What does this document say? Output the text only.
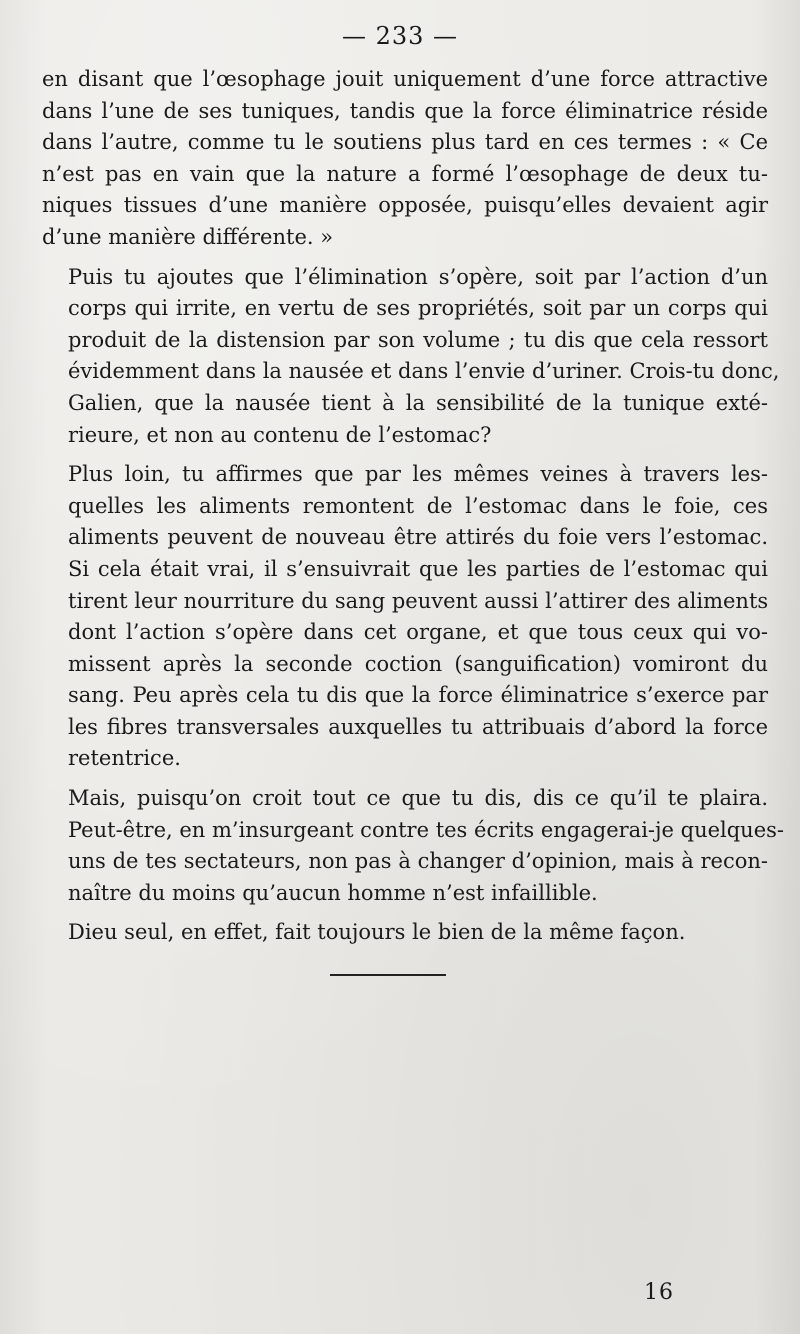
— 233 —
en disant que l’œsophage jouit uniquement d’une force attractive
dans l’une de ses tuniques, tandis que la force éliminatrice réside
dans l’autre, comme tu le soutiens plus tard en ces termes : « Ce
n’est pas en vain que la nature a formé l’œsophage de deux tu-
niques tissues d’une manière opposée, puisqu’elles devaient agir
d’une manière différente. »
Puis tu ajoutes que l’élimination s’opère, soit par l’action d’un
corps qui irrite, en vertu de ses propriétés, soit par un corps qui
produit de la distension par son volume ; tu dis que cela ressort
évidemment dans la nausée et dans l’envie d’uriner. Crois-tu donc,
Galien, que la nausée tient à la sensibilité de la tunique exté-
rieure, et non au contenu de l’estomac?
Plus loin, tu affirmes que par les mêmes veines à travers les-
quelles les aliments remontent de l’estomac dans le foie, ces
aliments peuvent de nouveau être attirés du foie vers l’estomac.
Si cela était vrai, il s’ensuivrait que les parties de l’estomac qui
tirent leur nourriture du sang peuvent aussi l’attirer des aliments
dont l’action s’opère dans cet organe, et que tous ceux qui vo-
missent après la seconde coction (sanguification) vomiront du
sang. Peu après cela tu dis que la force éliminatrice s’exerce par
les fibres transversales auxquelles tu attribuais d’abord la force
retentrice.
Mais, puisqu’on croit tout ce que tu dis, dis ce qu’il te plaira.
Peut-être, en m’insurgeant contre tes écrits engagerai-je quelques-
uns de tes sectateurs, non pas à changer d’opinion, mais à recon-
naître du moins qu’aucun homme n’est infaillible.
Dieu seul, en effet, fait toujours le bien de la même façon.
16
